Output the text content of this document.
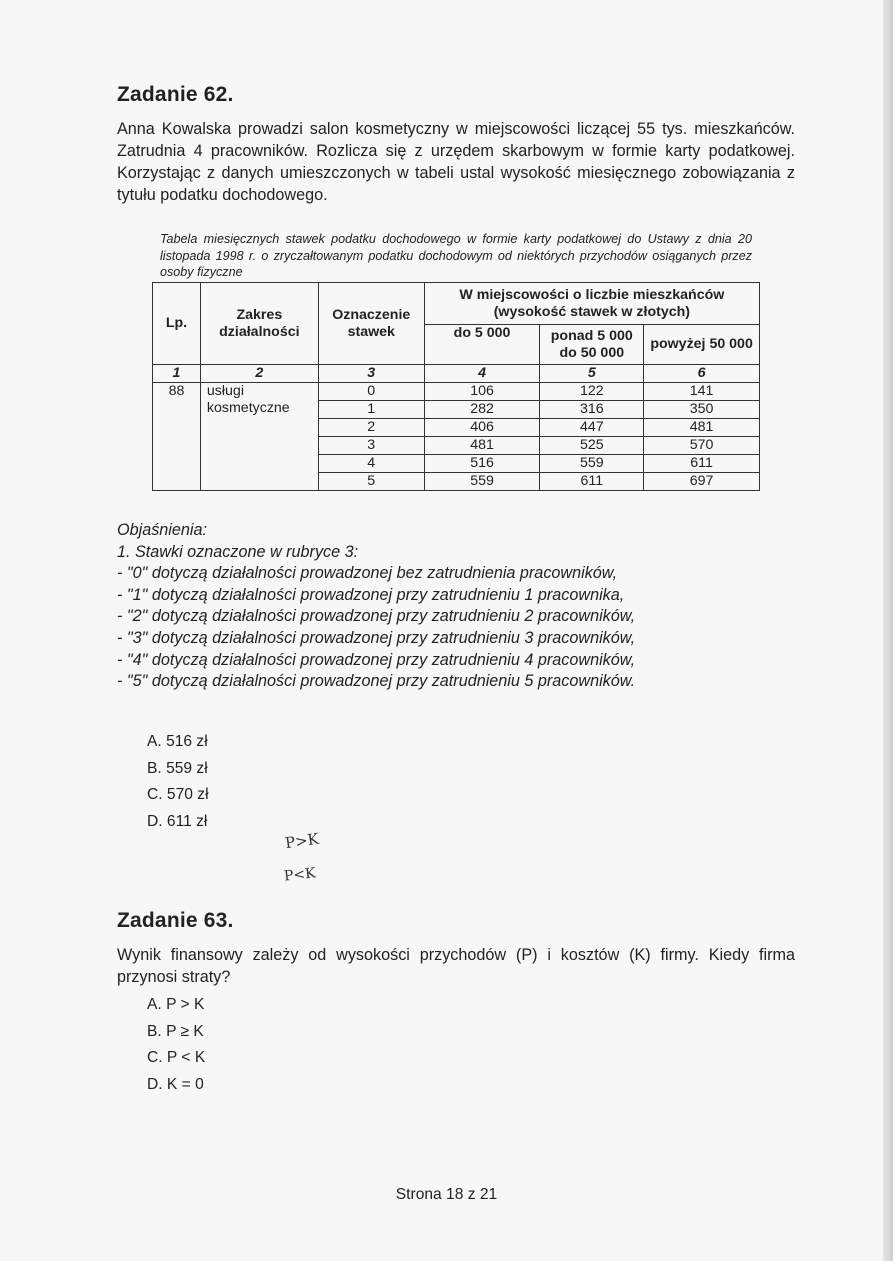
Zadanie 62.
Anna Kowalska prowadzi salon kosmetyczny w miejscowości liczącej 55 tys. mieszkańców. Zatrudnia 4 pracowników. Rozlicza się z urzędem skarbowym w formie karty podatkowej. Korzystając z danych umieszczonych w tabeli ustal wysokość miesięcznego zobowiązania z tytułu podatku dochodowego.
Tabela miesięcznych stawek podatku dochodowego w formie karty podatkowej do Ustawy z dnia 20 listopada 1998 r. o zryczałtowanym podatku dochodowym od niektórych przychodów osiąganych przez osoby fizyczne
Lp.	Zakres działalności	Oznaczenie stawek	W miejscowości o liczbie mieszkańców (wysokość stawek w złotych)		
			do 5 000	ponad 5 000 do 50 000	powyżej 50 000
1	2	3	4	5	6
88	usługi kosmetyczne	0	106	122	141
		1	282	316	350
		2	406	447	481
		3	481	525	570
		4	516	559	611
		5	559	611	697
Objaśnienia:
1. Stawki oznaczone w rubryce 3:
- "0" dotyczą działalności prowadzonej bez zatrudnienia pracowników,
- "1" dotyczą działalności prowadzonej przy zatrudnieniu 1 pracownika,
- "2" dotyczą działalności prowadzonej przy zatrudnieniu 2 pracowników,
- "3" dotyczą działalności prowadzonej przy zatrudnieniu 3 pracowników,
- "4" dotyczą działalności prowadzonej przy zatrudnieniu 4 pracowników,
- "5" dotyczą działalności prowadzonej przy zatrudnieniu 5 pracowników.
A. 516 zł
B. 559 zł
C. 570 zł
D. 611 zł
P>K
P<K
Zadanie 63.
Wynik finansowy zależy od wysokości przychodów (P) i kosztów (K) firmy. Kiedy firma przynosi straty?
A. P > K
B. P ≥ K
C. P < K
D. K = 0
Strona 18 z 21
